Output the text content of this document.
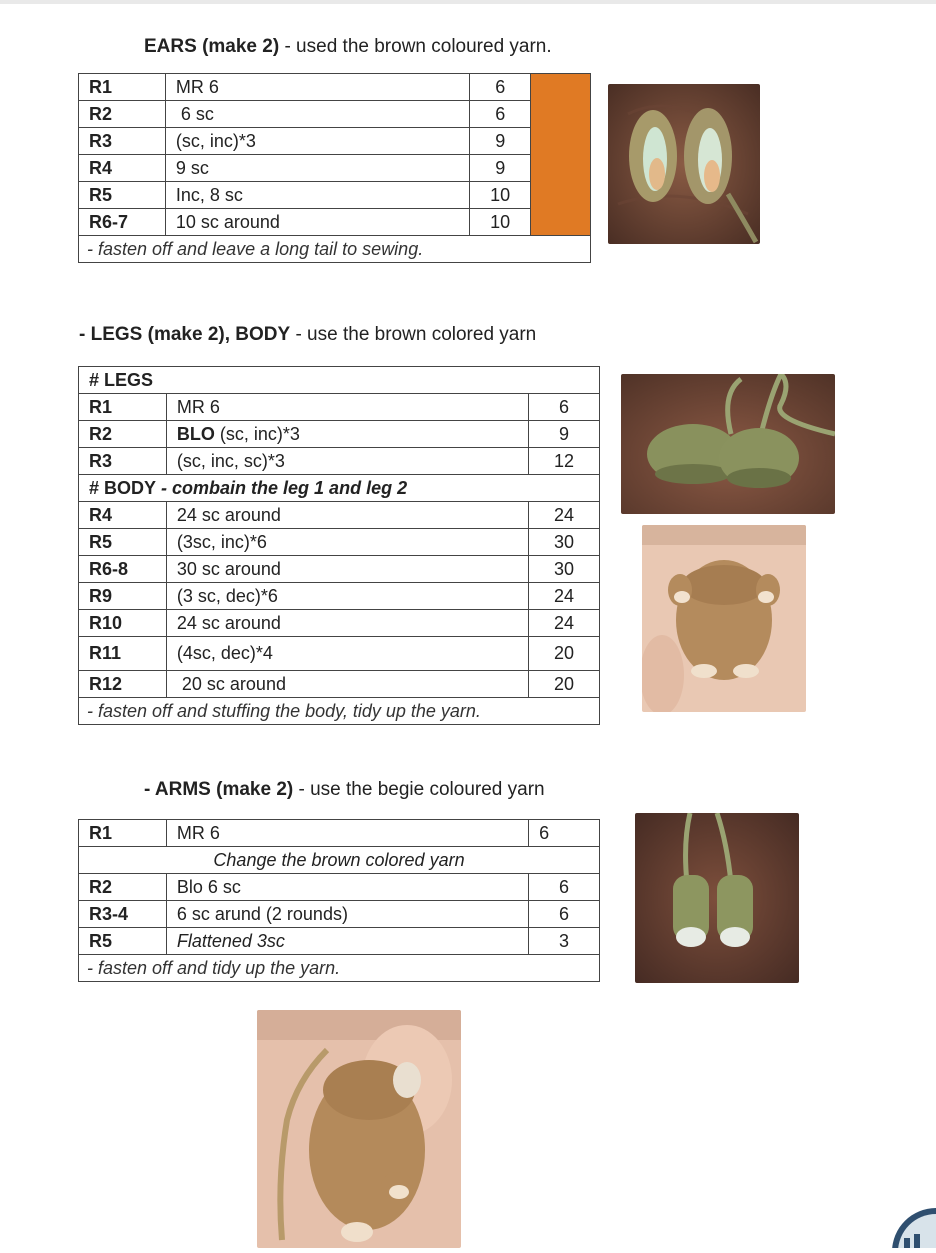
EARS (make 2) - used the brown coloured yarn.
R1	MR 6	6	
R2	6 sc	6	
R3	(sc, inc)*3	9	
R4	9 sc	9	
R5	Inc, 8 sc	10	
R6-7	10 sc around	10	
- fasten off and leave a long tail to sewing.			
- LEGS (make 2), BODY - use the brown colored yarn
# LEGS		
R1	MR 6	6
R2	BLO (sc, inc)*3	9
R3	(sc, inc, sc)*3	12
# BODY - combain the leg 1 and leg 2		
R4	24 sc around	24
R5	(3sc, inc)*6	30
R6-8	30 sc around	30
R9	(3 sc, dec)*6	24
R10	24 sc around	24
R11	(4sc, dec)*4	20
R12	20 sc around	20
- fasten off and stuffing the body, tidy up the yarn.		
- ARMS (make 2) - use the begie coloured yarn
R1	MR 6	6
Change the brown colored yarn		
R2	Blo 6 sc	6
R3-4	6 sc arund (2 rounds)	6
R5	Flattened 3sc	3
- fasten off and tidy up the yarn.		
